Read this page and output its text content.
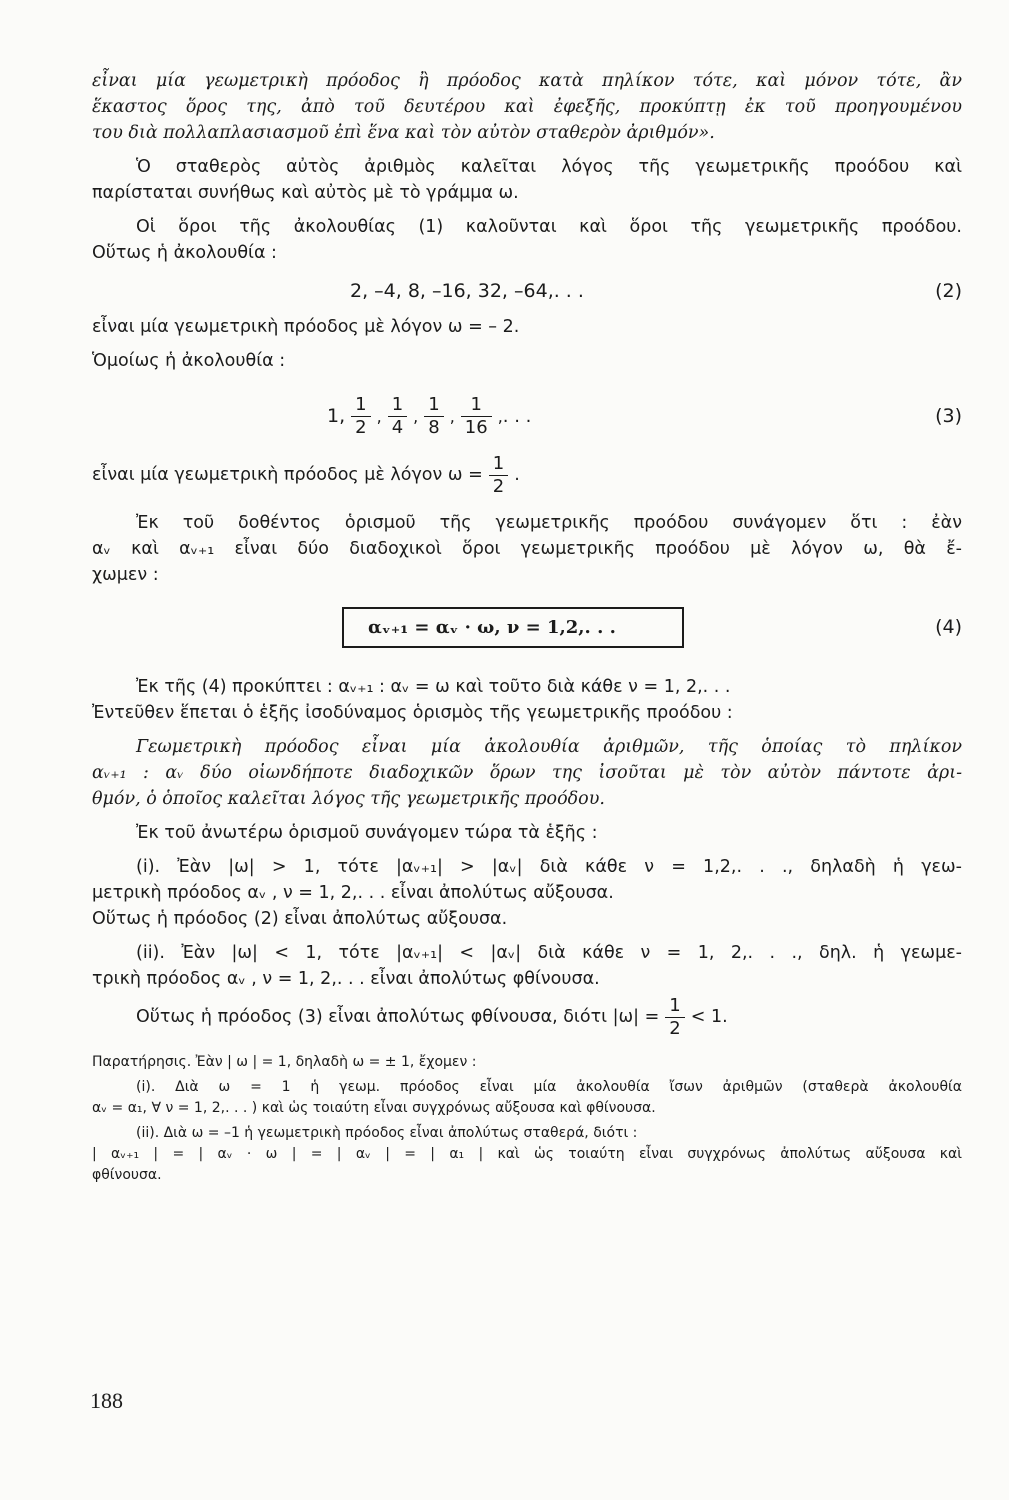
εἶναι μία γεωμετρικὴ πρόοδος ἢ πρόοδος κατὰ πηλίκον τότε, καὶ μόνον τότε, ἂν
ἕκαστος ὅρος της, ἀπὸ τοῦ δευτέρου καὶ ἐφεξῆς, προκύπτῃ ἐκ τοῦ προηγουμένου
του διὰ πολλαπλασιασμοῦ ἐπὶ ἕνα καὶ τὸν αὐτὸν σταθερὸν ἀριθμόν».
Ὁ σταθερὸς αὐτὸς ἀριθμὸς καλεῖται λόγος τῆς γεωμετρικῆς προόδου καὶ
παρίσταται συνήθως καὶ αὐτὸς μὲ τὸ γράμμα ω.
Οἱ ὅροι τῆς ἀκολουθίας (1) καλοῦνται καὶ ὅροι τῆς γεωμετρικῆς προόδου.
Οὕτως ἡ ἀκολουθία :
2, –4, 8, –16, 32, –64,. . .	(2)
εἶναι μία γεωμετρικὴ πρόοδος μὲ λόγον ω = – 2.
Ὁμοίως ἡ ἀκολουθία :
1, $\frac{1}{2}$ , $\frac{1}{4}$ , $\frac{1}{8}$ , $\frac{1}{16}$ , . . .	(3)
εἶναι μία γεωμετρικὴ πρόοδος μὲ λόγον $\omega = \frac{1}{2}$ .
Ἐκ τοῦ δοθέντος ὁρισμοῦ τῆς γεωμετρικῆς προόδου συνάγομεν ὅτι : ἐὰν
αᵥ καὶ αᵥ₊₁ εἶναι δύο διαδοχικοὶ ὅροι γεωμετρικῆς προόδου μὲ λόγον ω, θὰ ἔ-
χωμεν :
αᵥ₊₁ = αᵥ · ω, ν = 1,2,. . .	(4)
Ἐκ τῆς (4) προκύπτει : αᵥ₊₁ : αᵥ = ω καὶ τοῦτο διὰ κάθε ν = 1, 2,. . .
Ἐντεῦθεν ἕπεται ὁ ἑξῆς ἰσοδύναμος ὁρισμὸς τῆς γεωμετρικῆς προόδου :
Γεωμετρικὴ πρόοδος εἶναι μία ἀκολουθία ἀριθμῶν, τῆς ὁποίας τὸ πηλίκον
αᵥ₊₁ : αᵥ δύο οἱωνδήποτε διαδοχικῶν ὅρων της ἰσοῦται μὲ τὸν αὐτὸν πάντοτε ἀρι-
θμόν, ὁ ὁποῖος καλεῖται λόγος τῆς γεωμετρικῆς προόδου.
Ἐκ τοῦ ἀνωτέρω ὁρισμοῦ συνάγομεν τώρα τὰ ἑξῆς :
(i). Ἐὰν |ω| > 1, τότε |αᵥ₊₁| > |αᵥ| διὰ κάθε ν = 1,2,. . ., δηλαδὴ ἡ γεω-
μετρικὴ πρόοδος αᵥ , ν = 1, 2,. . . εἶναι ἀπολύτως αὔξουσα.
Οὕτως ἡ πρόοδος (2) εἶναι ἀπολύτως αὔξουσα.
(ii). Ἐὰν |ω| < 1, τότε |αᵥ₊₁| < |αᵥ| διὰ κάθε ν = 1, 2,. . ., δηλ. ἡ γεωμε-
τρικὴ πρόοδος αᵥ , ν = 1, 2,. . . εἶναι ἀπολύτως φθίνουσα.
Οὕτως ἡ πρόοδος (3) εἶναι ἀπολύτως φθίνουσα, διότι $|\omega| = \frac{1}{2} < 1$.
Παρατήρησις. Ἐὰν | ω | = 1, δηλαδὴ ω = ± 1, ἔχομεν :
(i). Διὰ ω = 1 ἡ γεωμ. πρόοδος εἶναι μία ἀκολουθία ἴσων ἀριθμῶν (σταθερὰ ἀκολουθία
αᵥ = α₁, ∀ ν = 1, 2,. . . ) καὶ ὡς τοιαύτη εἶναι συγχρόνως αὔξουσα καὶ φθίνουσα.
(ii). Διὰ ω = –1 ἡ γεωμετρικὴ πρόοδος εἶναι ἀπολύτως σταθερά, διότι :
| αᵥ₊₁ | = | αᵥ · ω | = | αᵥ | = | α₁ | καὶ ὡς τοιαύτη εἶναι συγχρόνως ἀπολύτως αὔξουσα καὶ
φθίνουσα.
188
